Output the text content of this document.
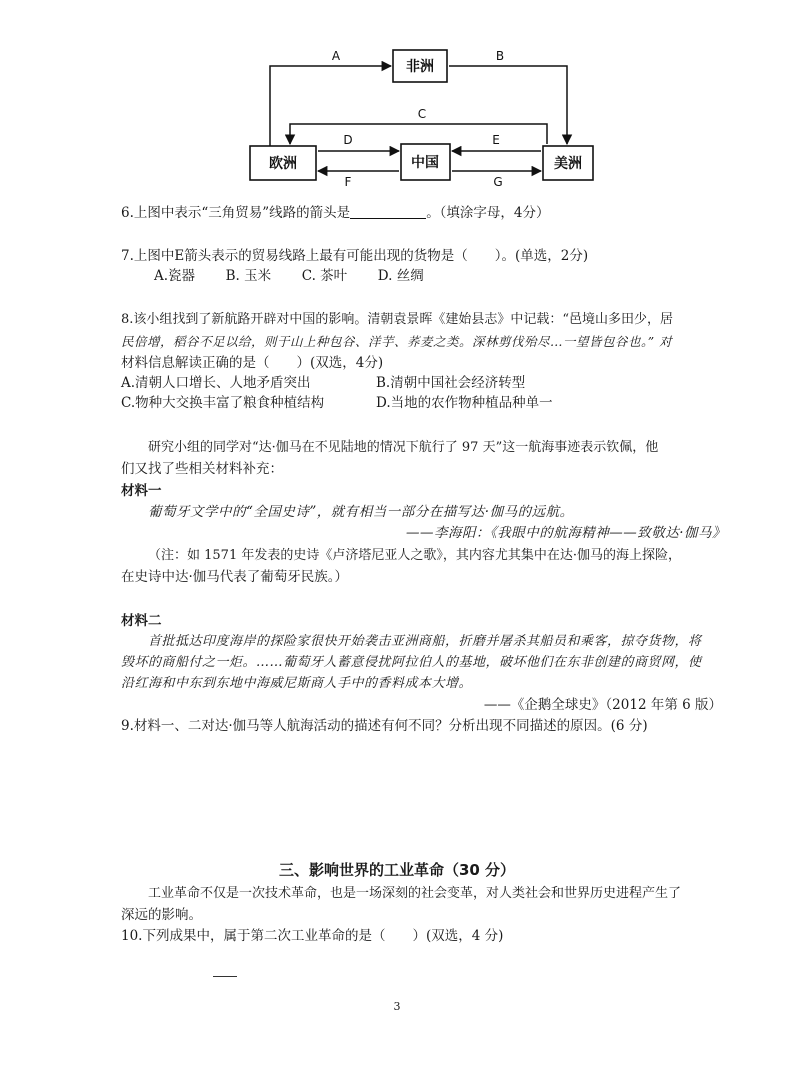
非洲
欧洲	中国	美洲
A	B
C
D	E
F	G
6.上图中表示“三角贸易”线路的箭头是	。（填涂字母，4分）
7.上图中E箭头表示的贸易线路上最有可能出现的货物是（　　）。(单选，2分)
A.瓷器 B. 玉米 C. 茶叶 D. 丝绸
8.该小组找到了新航路开辟对中国的影响。清朝袁景晖《建始县志》中记载：“邑境山多田少，居
民倍增，稻谷不足以给，则于山上种包谷、洋芋、荞麦之类。深林剪伐殆尽…一望皆包谷也。” 对
材料信息解读正确的是（　　）(双选，4分)
A.清朝人口增长、人地矛盾突出	B.清朝中国社会经济转型
C.物种大交换丰富了粮食种植结构	D.当地的农作物种植品种单一
研究小组的同学对“达·伽马在不见陆地的情况下航行了 97 天”这一航海事迹表示钦佩，他
们又找了些相关材料补充：
材料一
葡萄牙文学中的“全国史诗”，就有相当一部分在描写达·伽马的远航。
——李海阳：《我眼中的航海精神——致敬达·伽马》
（注：如 1571 年发表的史诗《卢济塔尼亚人之歌》，其内容尤其集中在达·伽马的海上探险，
在史诗中达·伽马代表了葡萄牙民族。）
材料二
首批抵达印度海岸的探险家很快开始袭击亚洲商船，折磨并屠杀其船员和乘客，掠夺货物，将
毁坏的商船付之一炬。……葡萄牙人蓄意侵扰阿拉伯人的基地，破坏他们在东非创建的商贸网，使
沿红海和中东到东地中海威尼斯商人手中的香料成本大增。
——《企鹅全球史》（2012 年第 6 版）
9.材料一、二对达·伽马等人航海活动的描述有何不同？分析出现不同描述的原因。(6 分)
三、影响世界的工业革命（30 分）
工业革命不仅是一次技术革命，也是一场深刻的社会变革，对人类社会和世界历史进程产生了
深远的影响。
10.下列成果中，属于第二次工业革命的是（　　）(双选，4 分)
3
